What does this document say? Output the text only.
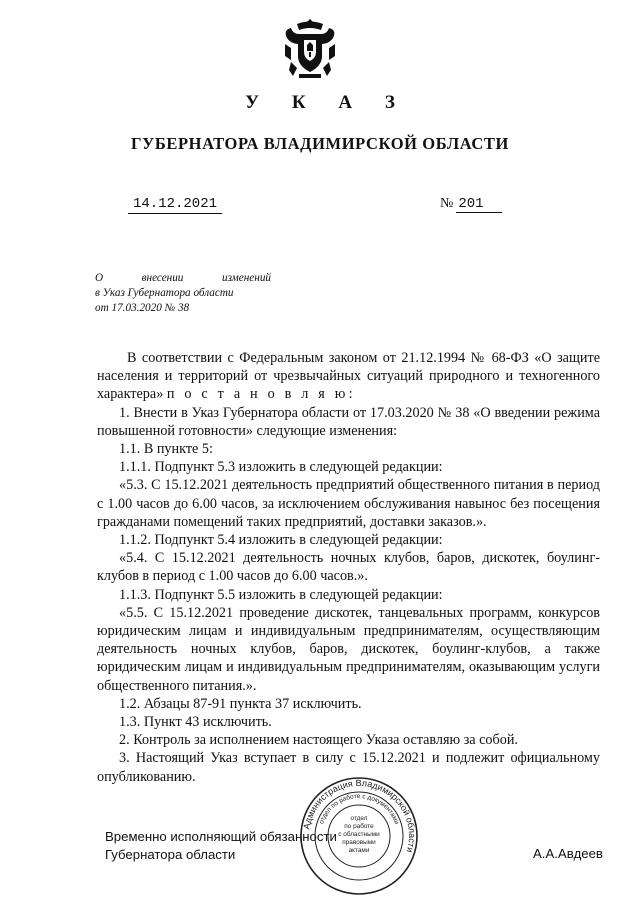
У К А З
ГУБЕРНАТОРА ВЛАДИМИРСКОЙ ОБЛАСТИ
14.12.2021	№ 201
О	внесении	изменений
в Указ Губернатора области
от 17.03.2020 № 38

В соответствии с Федеральным законом от 21.12.1994 № 68-ФЗ «О защите населения и территорий от чрезвычайных ситуаций природного и техногенного характера» п о с т а н о в л я ю:

1. Внести в Указ Губернатора области от 17.03.2020 № 38 «О введении режима повышенной готовности» следующие изменения:

1.1. В пункте 5:

1.1.1. Подпункт 5.3 изложить в следующей редакции:

«5.3. С 15.12.2021 деятельность предприятий общественного питания в период с 1.00 часов до 6.00 часов, за исключением обслуживания навынос без посещения гражданами помещений таких предприятий, доставки заказов.».

1.1.2. Подпункт 5.4 изложить в следующей редакции:

«5.4. С 15.12.2021 деятельность ночных клубов, баров, дискотек, боулинг-клубов в период с 1.00 часов до 6.00 часов.».

1.1.3. Подпункт 5.5 изложить в следующей редакции:

«5.5. С 15.12.2021 проведение дискотек, танцевальных программ, конкурсов юридическим лицам и индивидуальным предпринимателям, осуществляющим деятельность ночных клубов, баров, дискотек, боулинг-клубов, а также юридическим лицам и индивидуальным предпринимателям, оказывающим услуги общественного питания.».

1.2. Абзацы 87-91 пункта 37 исключить.

1.3. Пункт 43 исключить.

2. Контроль за исполнением настоящего Указа оставляю за собой.

3. Настоящий Указ вступает в силу с 15.12.2021 и подлежит официальному опубликованию.

Временно исполняющий обязанности
Губернатора области	А.А.Авдеев
Администрация Владимирской области
отдел по работе с документами
отдел
по работе
с областными
правовыми
актами
